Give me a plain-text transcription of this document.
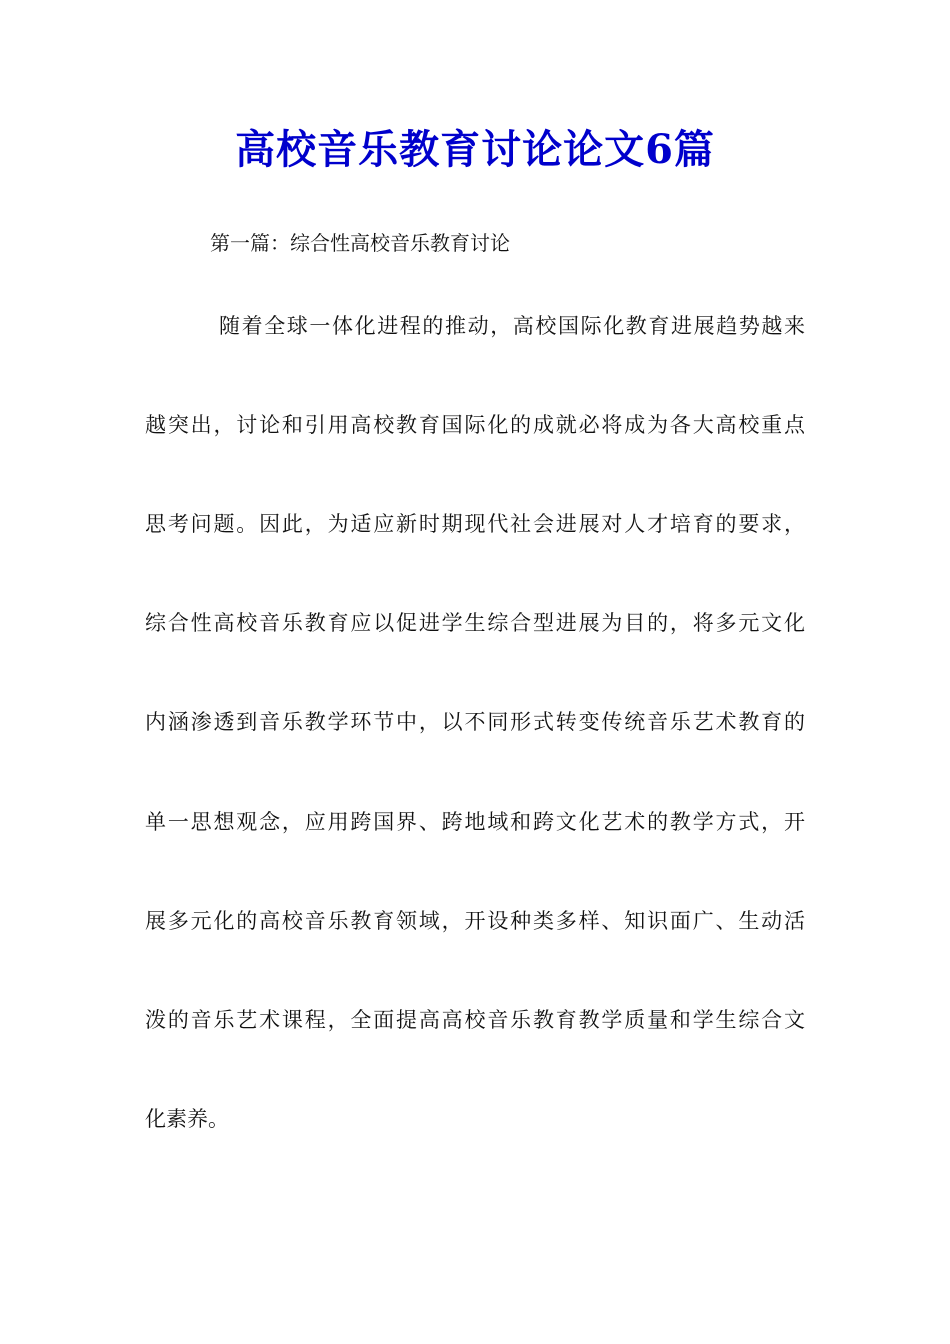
高校音乐教育讨论论文6篇

第一篇：综合性高校音乐教育讨论

随着全球一体化进程的推动，高校国际化教育进展趋势越来

越突出，讨论和引用高校教育国际化的成就必将成为各大高校重点

思考问题。因此，为适应新时期现代社会进展对人才培育的要求，

综合性高校音乐教育应以促进学生综合型进展为目的，将多元文化

内涵渗透到音乐教学环节中，以不同形式转变传统音乐艺术教育的

单一思想观念，应用跨国界、跨地域和跨文化艺术的教学方式，开

展多元化的高校音乐教育领域，开设种类多样、知识面广、生动活

泼的音乐艺术课程，全面提高高校音乐教育教学质量和学生综合文

化素养。
